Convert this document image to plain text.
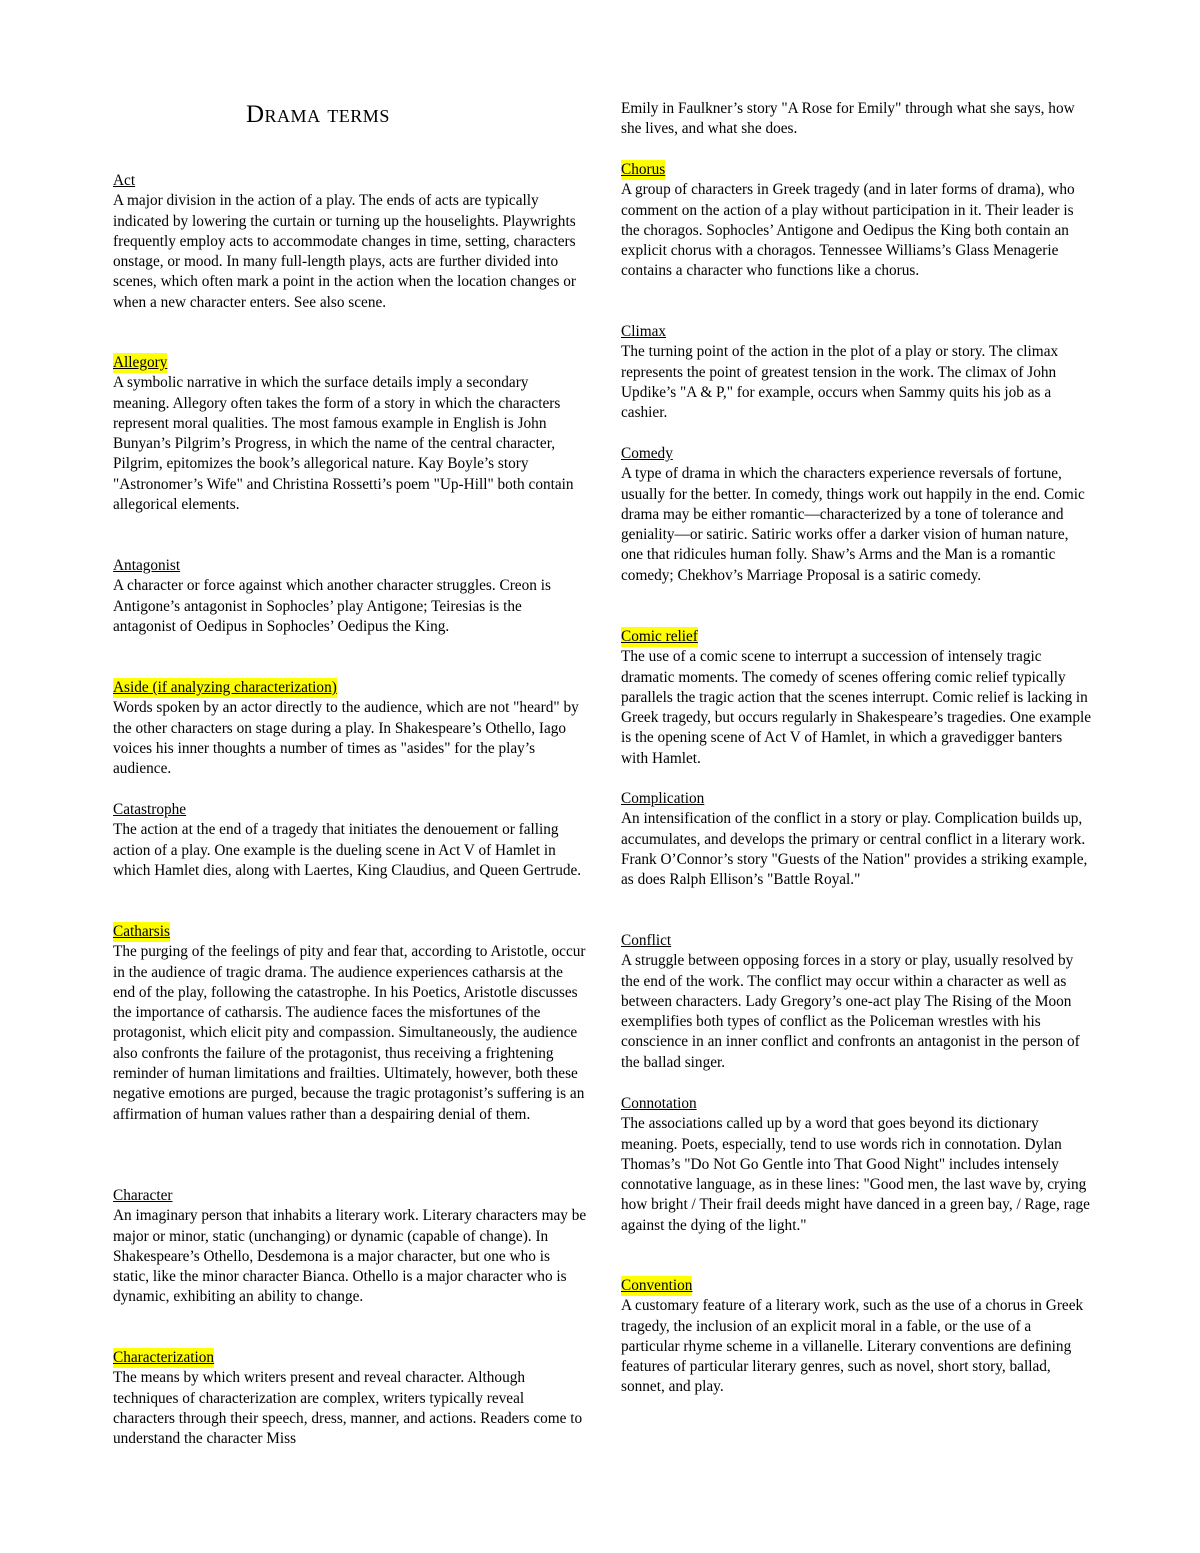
Drama terms
Act

A major division in the action of a play. The ends of acts are typically indicated by lowering the curtain or turning up the houselights. Playwrights frequently employ acts to accommodate changes in time, setting, characters onstage, or mood. In many full-length plays, acts are further divided into scenes, which often mark a point in the action when the location changes or when a new character enters. See also scene.

Allegory

A symbolic narrative in which the surface details imply a secondary meaning. Allegory often takes the form of a story in which the characters represent moral qualities. The most famous example in English is John Bunyan’s Pilgrim’s Progress, in which the name of the central character, Pilgrim, epitomizes the book’s allegorical nature. Kay Boyle’s story "Astronomer’s Wife" and Christina Rossetti’s poem "Up-Hill" both contain allegorical elements.

Antagonist

A character or force against which another character struggles. Creon is Antigone’s antagonist in Sophocles’ play Antigone; Teiresias is the antagonist of Oedipus in Sophocles’ Oedipus the King.

Aside (if analyzing characterization)

Words spoken by an actor directly to the audience, which are not "heard" by the other characters on stage during a play. In Shakespeare’s Othello, Iago voices his inner thoughts a number of times as "asides" for the play’s audience.

Catastrophe

The action at the end of a tragedy that initiates the denouement or falling action of a play. One example is the dueling scene in Act V of Hamlet in which Hamlet dies, along with Laertes, King Claudius, and Queen Gertrude.

Catharsis

The purging of the feelings of pity and fear that, according to Aristotle, occur in the audience of tragic drama. The audience experiences catharsis at the end of the play, following the catastrophe. In his Poetics, Aristotle discusses the importance of catharsis. The audience faces the misfortunes of the protagonist, which elicit pity and compassion. Simultaneously, the audience also confronts the failure of the protagonist, thus receiving a frightening reminder of human limitations and frailties. Ultimately, however, both these negative emotions are purged, because the tragic protagonist’s suffering is an affirmation of human values rather than a despairing denial of them.

Character

An imaginary person that inhabits a literary work. Literary characters may be major or minor, static (unchanging) or dynamic (capable of change). In Shakespeare’s Othello, Desdemona is a major character, but one who is static, like the minor character Bianca. Othello is a major character who is dynamic, exhibiting an ability to change.

Characterization

The means by which writers present and reveal character. Although techniques of characterization are complex, writers typically reveal characters through their speech, dress, manner, and actions. Readers come to understand the character Miss

Emily in Faulkner’s story "A Rose for Emily" through what she says, how she lives, and what she does.

Chorus

A group of characters in Greek tragedy (and in later forms of drama), who comment on the action of a play without participation in it. Their leader is the choragos. Sophocles’ Antigone and Oedipus the King both contain an explicit chorus with a choragos. Tennessee Williams’s Glass Menagerie contains a character who functions like a chorus.

Climax

The turning point of the action in the plot of a play or story. The climax represents the point of greatest tension in the work. The climax of John Updike’s "A & P," for example, occurs when Sammy quits his job as a cashier.

Comedy

A type of drama in which the characters experience reversals of fortune, usually for the better. In comedy, things work out happily in the end. Comic drama may be either romantic—characterized by a tone of tolerance and geniality—or satiric. Satiric works offer a darker vision of human nature, one that ridicules human folly. Shaw’s Arms and the Man is a romantic comedy; Chekhov’s Marriage Proposal is a satiric comedy.

Comic relief

The use of a comic scene to interrupt a succession of intensely tragic dramatic moments. The comedy of scenes offering comic relief typically parallels the tragic action that the scenes interrupt. Comic relief is lacking in Greek tragedy, but occurs regularly in Shakespeare’s tragedies. One example is the opening scene of Act V of Hamlet, in which a gravedigger banters with Hamlet.

Complication

An intensification of the conflict in a story or play. Complication builds up, accumulates, and develops the primary or central conflict in a literary work. Frank O’Connor’s story "Guests of the Nation" provides a striking example, as does Ralph Ellison’s "Battle Royal."

Conflict

A struggle between opposing forces in a story or play, usually resolved by the end of the work. The conflict may occur within a character as well as between characters. Lady Gregory’s one-act play The Rising of the Moon exemplifies both types of conflict as the Policeman wrestles with his conscience in an inner conflict and confronts an antagonist in the person of the ballad singer.

Connotation

The associations called up by a word that goes beyond its dictionary meaning. Poets, especially, tend to use words rich in connotation. Dylan Thomas’s "Do Not Go Gentle into That Good Night" includes intensely connotative language, as in these lines: "Good men, the last wave by, crying how bright / Their frail deeds might have danced in a green bay, / Rage, rage against the dying of the light."

Convention

A customary feature of a literary work, such as the use of a chorus in Greek tragedy, the inclusion of an explicit moral in a fable, or the use of a particular rhyme scheme in a villanelle. Literary conventions are defining features of particular literary genres, such as novel, short story, ballad, sonnet, and play.
